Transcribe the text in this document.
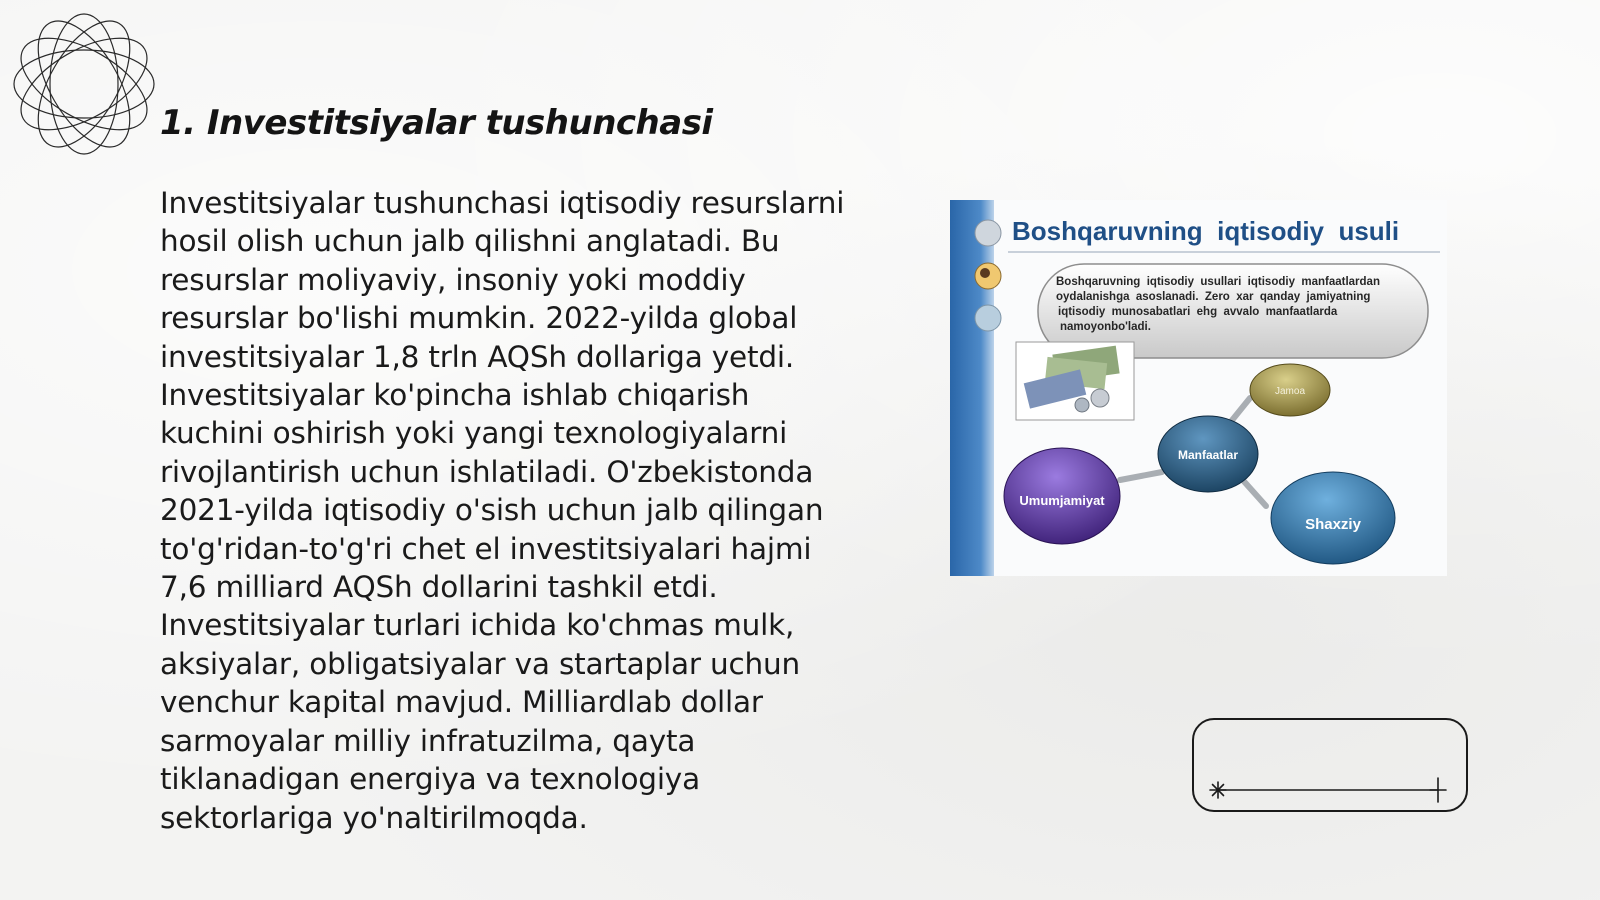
1. Investitsiyalar tushunchasi

Investitsiyalar tushunchasi iqtisodiy resurslarni hosil olish uchun jalb qilishni anglatadi. Bu resurslar moliyaviy, insoniy yoki moddiy resurslar bo'lishi mumkin. 2022-yilda global investitsiyalar 1,8 trln AQSh dollariga yetdi. Investitsiyalar ko'pincha ishlab chiqarish kuchini oshirish yoki yangi texnologiyalarni rivojlantirish uchun ishlatiladi. O'zbekistonda 2021-yilda iqtisodiy o'sish uchun jalb qilingan to'g'ridan-to'g'ri chet el investitsiyalari hajmi 7,6 milliard AQSh dollarini tashkil etdi. Investitsiyalar turlari ichida ko'chmas mulk, aksiyalar, obligatsiyalar va startaplar uchun venchur kapital mavjud. Milliardlab dollar sarmoyalar milliy infratuzilma, qayta tiklanadigan energiya va texnologiya sektorlariga yo'naltirilmoqda.

Boshqaruvning  iqtisodiy  usuli
Boshqaruvning  iqtisodiy  usullari  iqtisodiy  manfaatlardan
oydalanishga  asoslanadi.  Zero  xar  qanday  jamiyatning
iqtisodiy  munosabatlari  ehg  avvalo  manfaatlarda
namoyonbo'ladi.
Jamoa
Manfaatlar
Umumjamiyat
Shaxziy
